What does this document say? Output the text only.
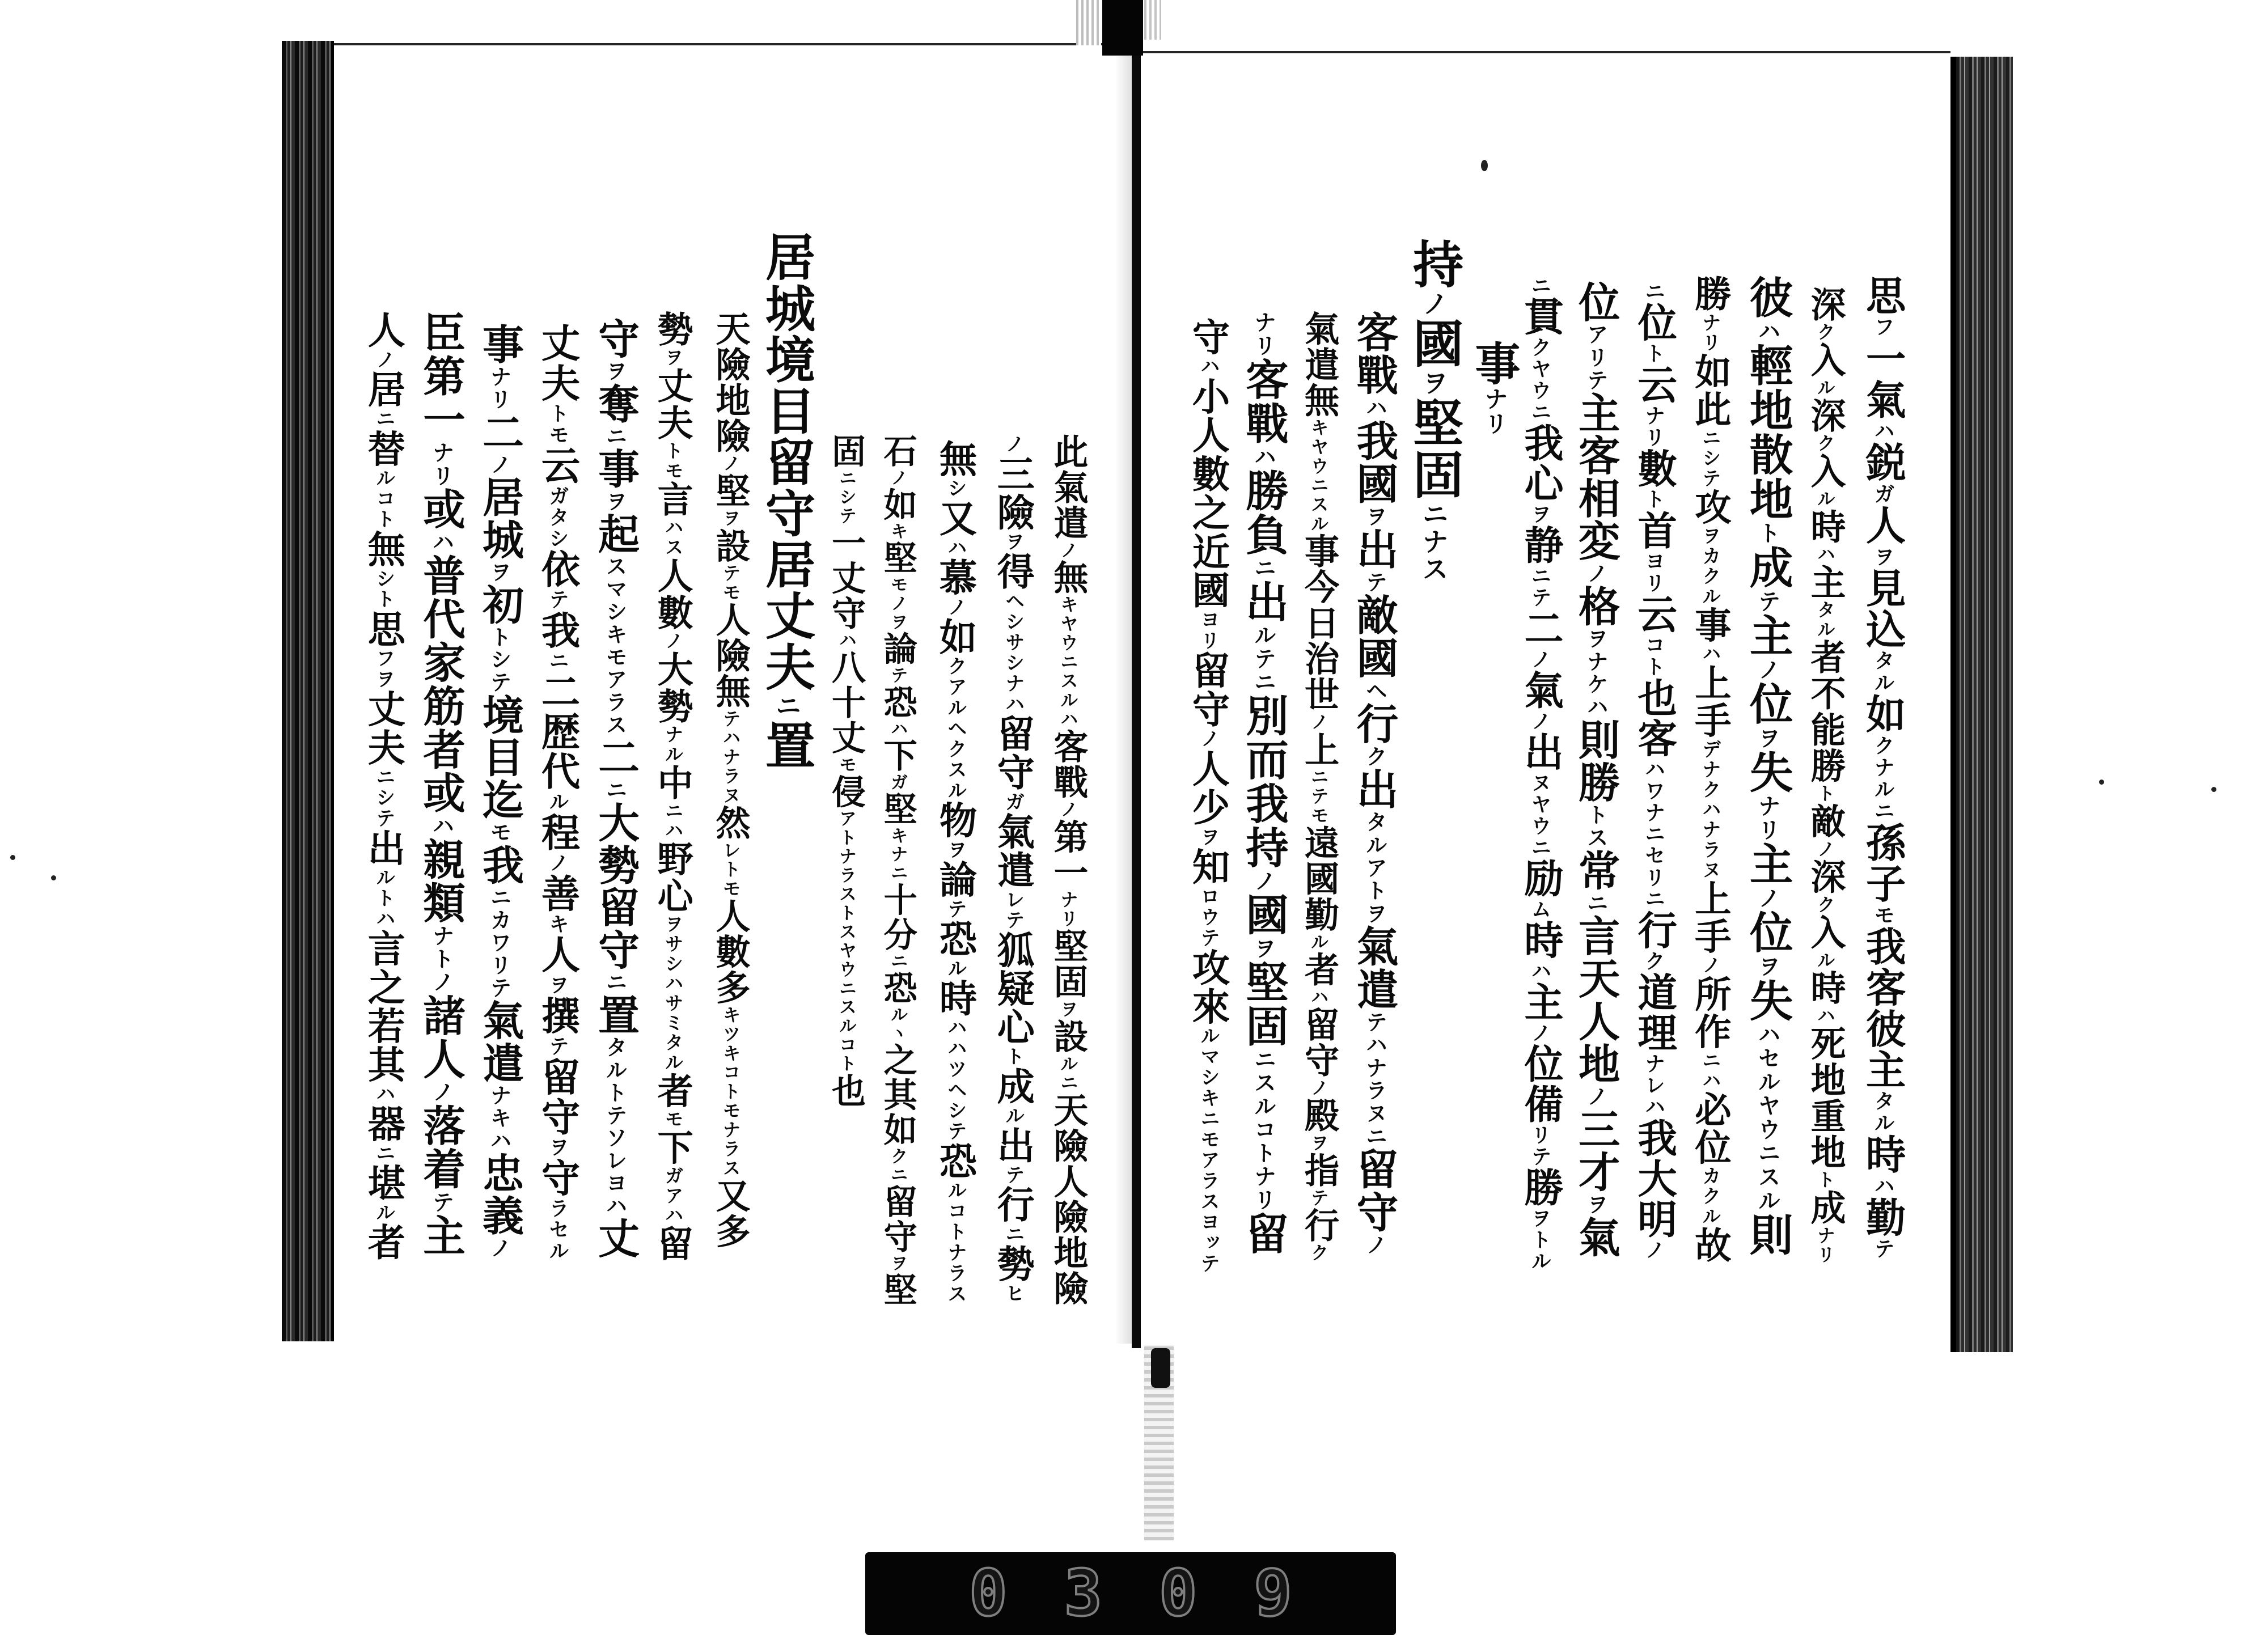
思フ一氣ハ鋭ガ人ヲ見込タル如クナルニ孫子モ我客彼主タル時ハ勤テ
深ク入ル深ク入ル時ハ主タル者不能勝ト敵ノ深ク入ル時ハ死地重地ト成ナリ
彼ハ輕地散地ト成テ主ノ位ヲ失ナリ主ノ位ヲ失ハセルヤウニスル則
勝ナリ如此ニシテ攻ヲカクル事ハ上手デナクハナラヌ上手ノ所作ニハ必位カクル故
ニ位ト云ナリ數ト首ヨリ云コト也客ハワナニセリニ行ク道理ナレハ我大明ノ
位アリテ主客相変ノ格ヲナケハ則勝トス常ニ言天人地ノ三才ヲ氣
ニ貫クヤウニ我心ヲ静ニテ二ノ氣ノ出ヌヤウニ励ム時ハ主ノ位備リテ勝ヲトル
事ナリ
持ノ國ヲ堅固ニナス
客戰ハ我國ヲ出テ敵國ヘ行ク出タルアトヲ氣遣テハナラヌニ留守ノ
氣遣無キヤウニスル事今日治世ノ上ニテモ遠國勤ル者ハ留守ノ殿ヲ指テ行ク
ナリ客戰ハ勝負ニ出ルテニ別而我持ノ國ヲ堅固ニスルコトナリ留
守ハ小人數之近國ヨリ留守ノ人少ヲ知ロウテ攻來ルマシキニモアラスヨッテ
此氣遣ノ無キヤウニスルハ客戰ノ第一ナリ堅固ヲ設ルニ天險人險地險
ノ三險ヲ得ヘシサシナハ留守ガ氣遣レテ狐疑心ト成ル出テ行ニ勢ヒ
無シ又ハ慕ノ如クアルヘクスル物ヲ論テ恐ル時ハハツヘシテ恐ルコトナラス
石ノ如キ堅モノヲ論テ恐ハ下ガ堅キナニ十分ニ恐ルヽ之其如クニ留守ヲ堅
固ニシテ一丈守ハ八十丈モ侵アトナラストスヤウニスルコト也
居城境目留守居丈夫ニ置
天險地險ノ堅ヲ設テモ人險無テハナラヌ然レトモ人數多キツキコトモナラス又多
勢ヲ丈夫トモ言ハス人數ノ大勢ナル中ニハ野心ヲサシハサミタル者モ下ガアハ留
守ヲ奪ニ事ヲ起スマシキモアラス二ニ大勢留守ニ置タルトテソレヨハ丈
丈夫トモ云ガタシ依テ我ニ二歴代ル程ノ善キ人ヲ撰テ留守ヲ守ラセル
事ナリ二ノ居城ヲ初トシテ境目迄モ我ニカワリテ氣遣ナキハ忠義ノ
臣第一ナリ或ハ普代家筋者或ハ親類ナトノ諸人ノ落着テ主
人ノ居ニ替ルコト無シト思フヲ丈夫ニシテ出ルトハ言之若其ハ器ニ堪ル者
0309
